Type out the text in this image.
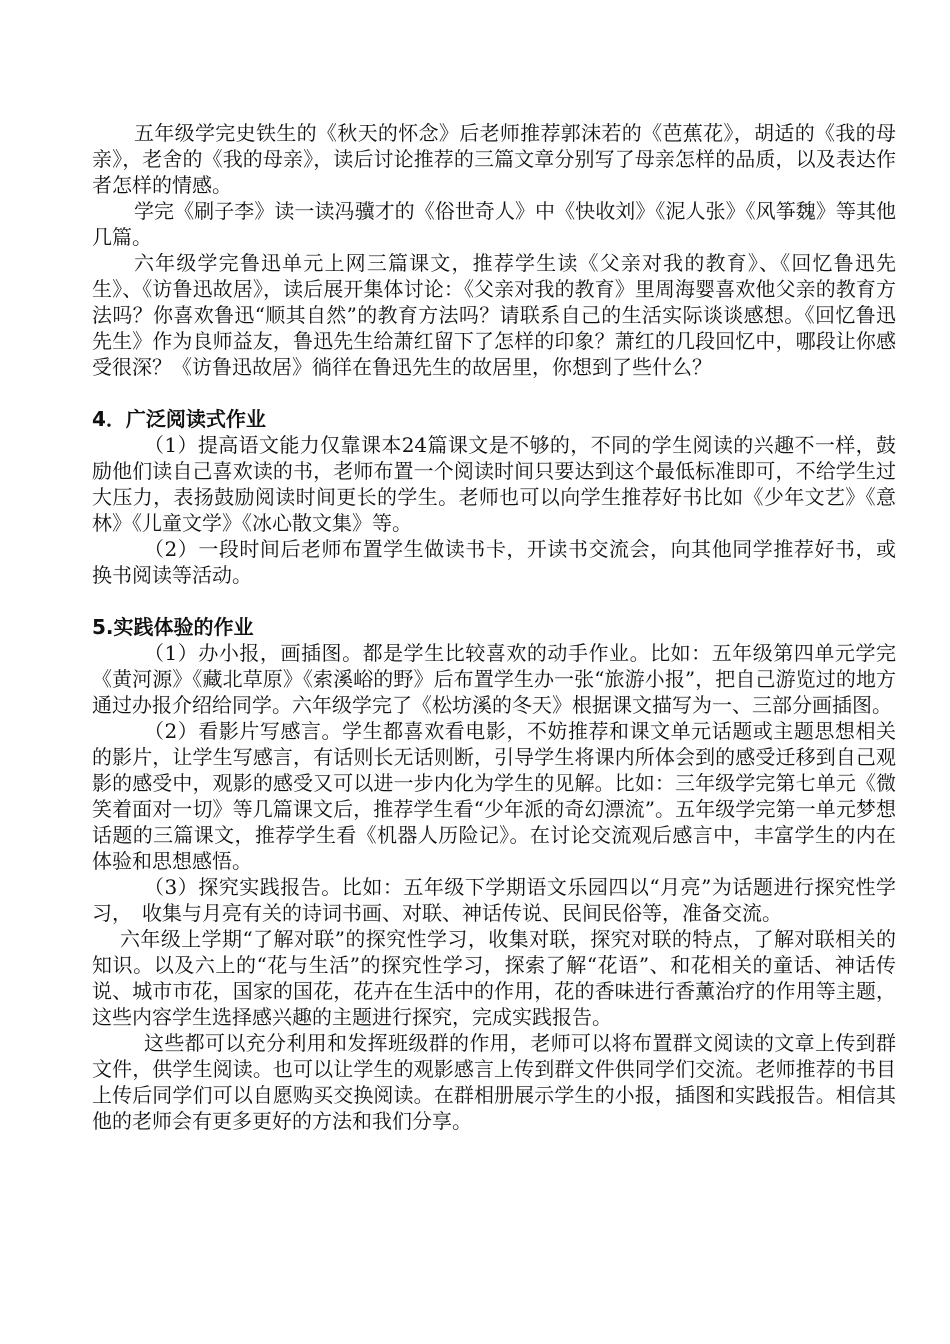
五年级学完史铁生的《秋天的怀念》后老师推荐郭沫若的《芭蕉花》，胡适的《我的母亲》，老舍的《我的母亲》，读后讨论推荐的三篇文章分别写了母亲怎样的品质，以及表达作者怎样的情感。

学完《刷子李》读一读冯骥才的《俗世奇人》中《快收刘》《泥人张》《风筝魏》等其他几篇。

六年级学完鲁迅单元上网三篇课文，推荐学生读《父亲对我的教育》、《回忆鲁迅先生》、《访鲁迅故居》，读后展开集体讨论：《父亲对我的教育》里周海婴喜欢他父亲的教育方法吗？你喜欢鲁迅“顺其自然”的教育方法吗？请联系自己的生活实际谈谈感想。《回忆鲁迅先生》作为良师益友，鲁迅先生给萧红留下了怎样的印象？萧红的几段回忆中，哪段让你感受很深？《访鲁迅故居》徜徉在鲁迅先生的故居里，你想到了些什么？

4．广泛阅读式作业

（1）提高语文能力仅靠课本24篇课文是不够的，不同的学生阅读的兴趣不一样，鼓励他们读自己喜欢读的书，老师布置一个阅读时间只要达到这个最低标准即可，不给学生过大压力，表扬鼓励阅读时间更长的学生。老师也可以向学生推荐好书比如《少年文艺》《意林》《儿童文学》《冰心散文集》等。

（2）一段时间后老师布置学生做读书卡，开读书交流会，向其他同学推荐好书，或换书阅读等活动。

5.实践体验的作业

（1）办小报，画插图。都是学生比较喜欢的动手作业。比如：五年级第四单元学完《黄河源》《藏北草原》《索溪峪的野》后布置学生办一张“旅游小报”，把自己游览过的地方通过办报介绍给同学。六年级学完了《松坊溪的冬天》根据课文描写为一、三部分画插图。

（2）看影片写感言。学生都喜欢看电影，不妨推荐和课文单元话题或主题思想相关的影片，让学生写感言，有话则长无话则断，引导学生将课内所体会到的感受迁移到自己观影的感受中，观影的感受又可以进一步内化为学生的见解。比如：三年级学完第七单元《微笑着面对一切》等几篇课文后，推荐学生看“少年派的奇幻漂流”。五年级学完第一单元梦想话题的三篇课文，推荐学生看《机器人历险记》。在讨论交流观后感言中，丰富学生的内在体验和思想感悟。

（3）探究实践报告。比如：五年级下学期语文乐园四以“月亮”为话题进行探究性学习，　收集与月亮有关的诗词书画、对联、神话传说、民间民俗等，准备交流。

六年级上学期“了解对联”的探究性学习，收集对联，探究对联的特点，了解对联相关的知识。以及六上的“花与生活”的探究性学习，探索了解“花语”、和花相关的童话、神话传说、城市市花，国家的国花，花卉在生活中的作用，花的香味进行香薰治疗的作用等主题，这些内容学生选择感兴趣的主题进行探究，完成实践报告。

这些都可以充分利用和发挥班级群的作用，老师可以将布置群文阅读的文章上传到群文件，供学生阅读。也可以让学生的观影感言上传到群文件供同学们交流。老师推荐的书目上传后同学们可以自愿购买交换阅读。在群相册展示学生的小报，插图和实践报告。相信其他的老师会有更多更好的方法和我们分享。
